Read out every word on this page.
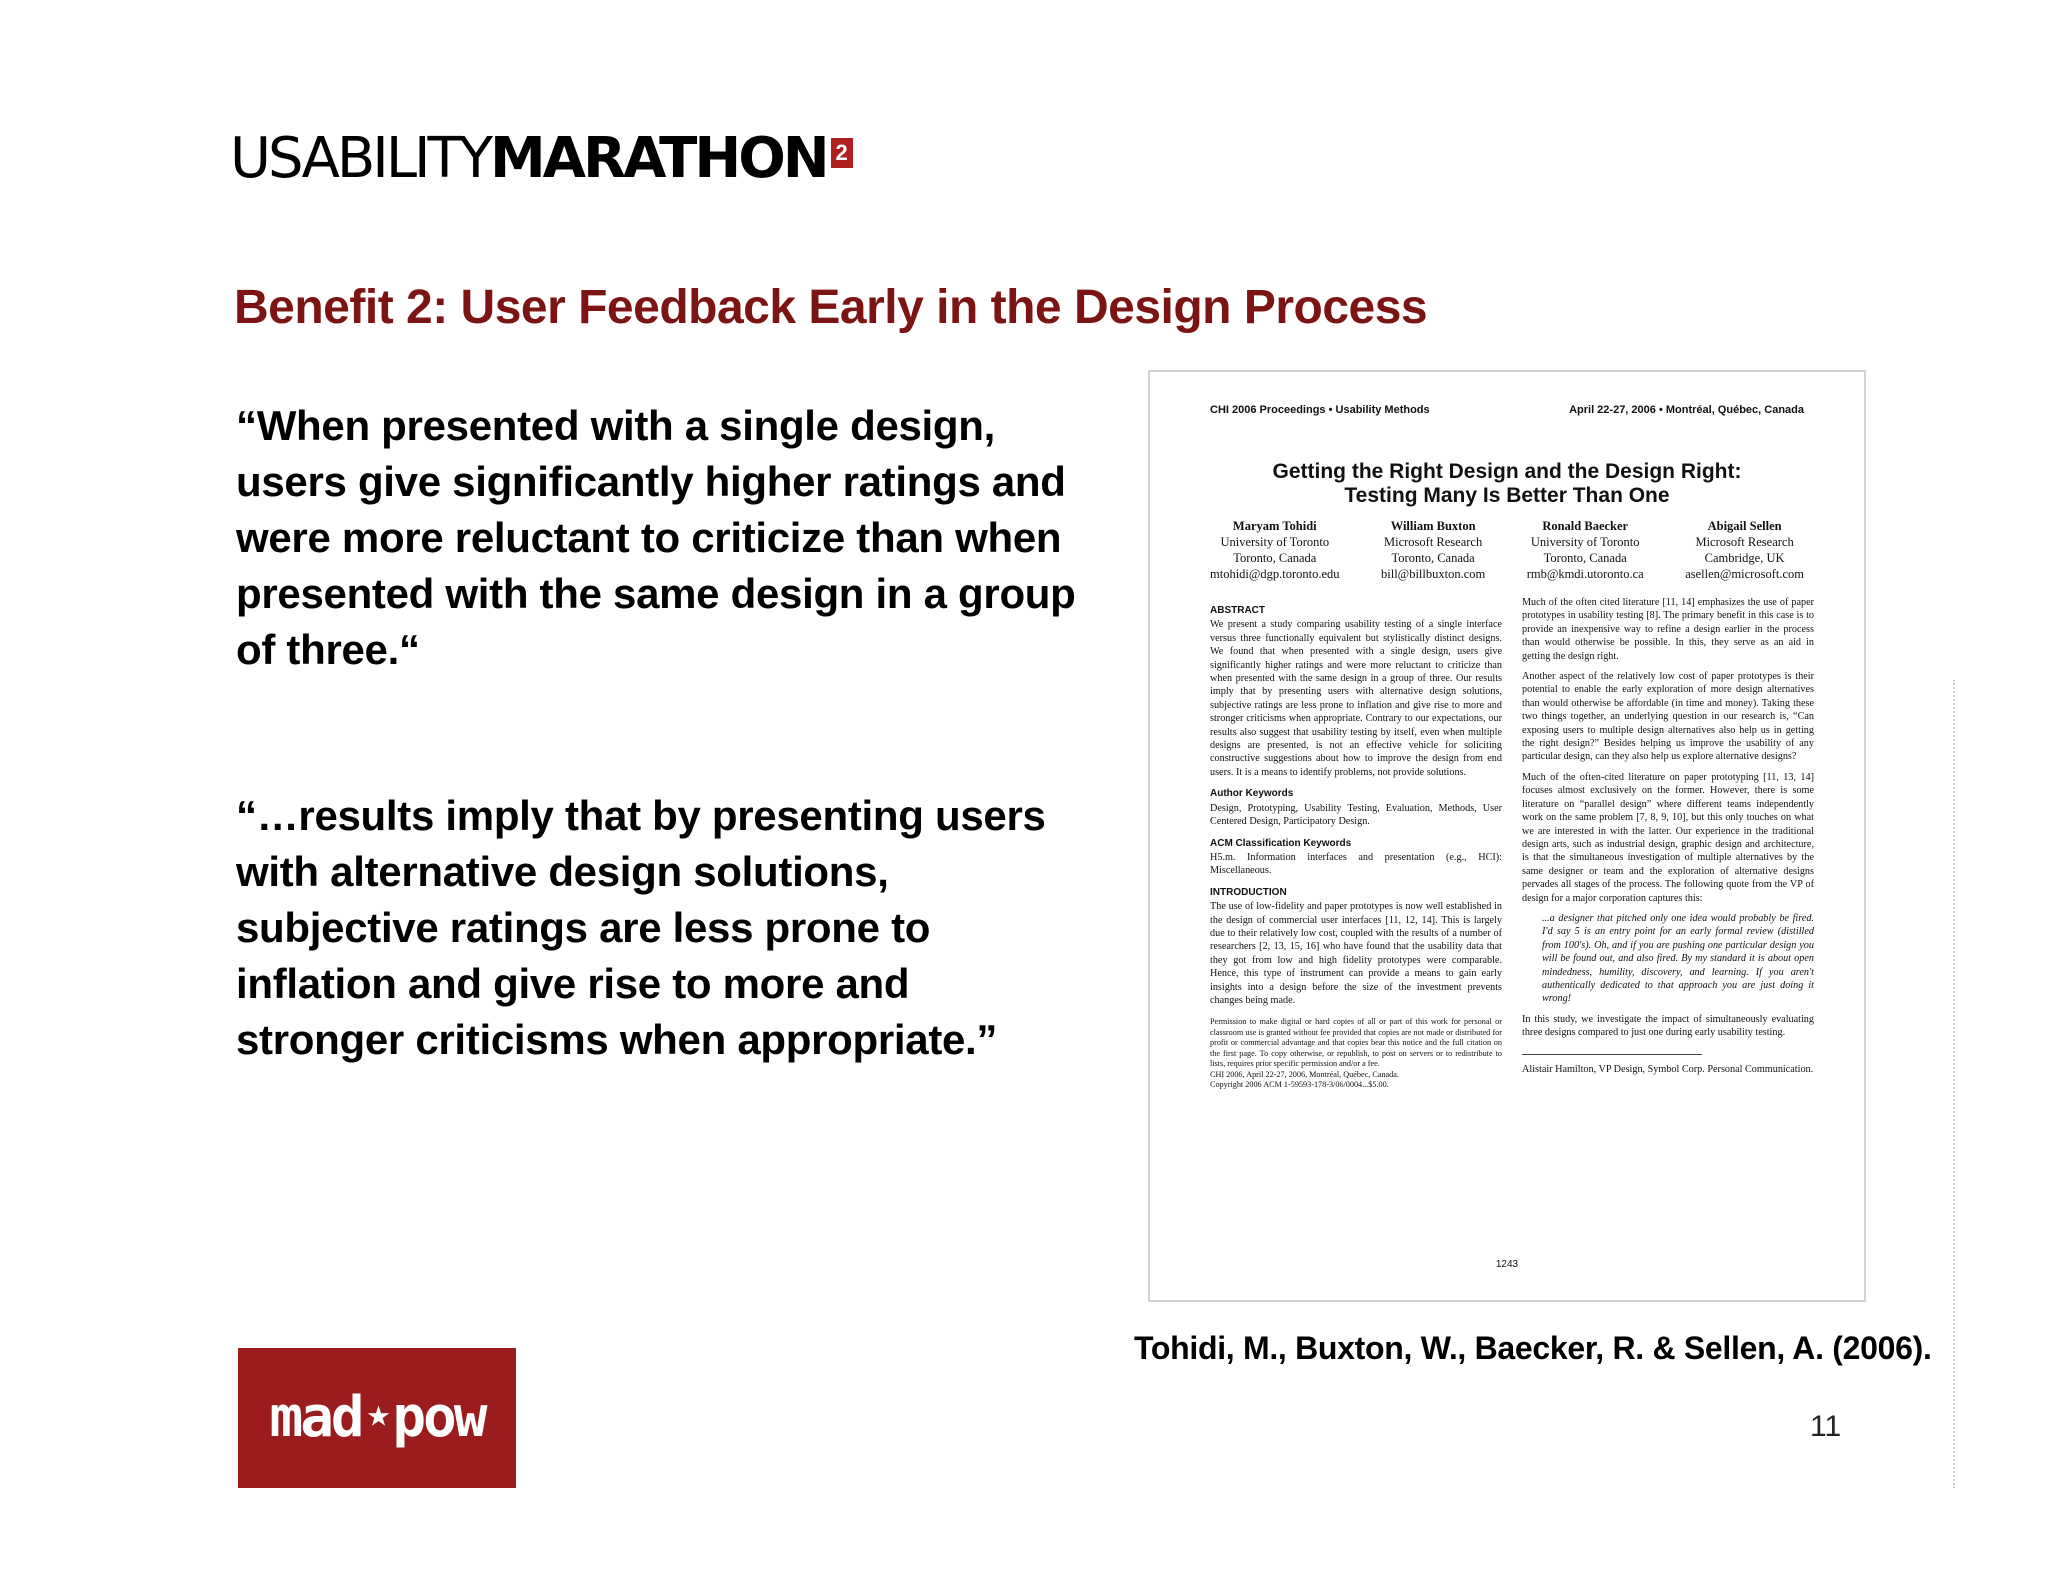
USABILITYMARATHON 2
Benefit 2: User Feedback Early in the Design Process
“When presented with a single design, users give significantly higher ratings and were more reluctant to criticize than when presented with the same design in a group of three.“
“…results imply that by presenting users with alternative design solutions, subjective ratings are less prone to inflation and give rise to more and stronger criticisms when appropriate.”
CHI 2006 Proceedings • Usability Methods	April 22-27, 2006 • Montréal, Québec, Canada
Getting the Right Design and the Design Right:
Testing Many Is Better Than One
Maryam Tohidi
University of Toronto
Toronto, Canada
mtohidi@dgp.toronto.edu
William Buxton
Microsoft Research
Toronto, Canada
bill@billbuxton.com
Ronald Baecker
University of Toronto
Toronto, Canada
rmb@kmdi.utoronto.ca
Abigail Sellen
Microsoft Research
Cambridge, UK
asellen@microsoft.com
ABSTRACT

We present a study comparing usability testing of a single interface versus three functionally equivalent but stylistically distinct designs. We found that when presented with a single design, users give significantly higher ratings and were more reluctant to criticize than when presented with the same design in a group of three. Our results imply that by presenting users with alternative design solutions, subjective ratings are less prone to inflation and give rise to more and stronger criticisms when appropriate. Contrary to our expectations, our results also suggest that usability testing by itself, even when multiple designs are presented, is not an effective vehicle for soliciting constructive suggestions about how to improve the design from end users. It is a means to identify problems, not provide solutions.

Author Keywords

Design, Prototyping, Usability Testing, Evaluation, Methods, User Centered Design, Participatory Design.

ACM Classification Keywords

H5.m. Information interfaces and presentation (e.g., HCI): Miscellaneous.

INTRODUCTION

The use of low-fidelity and paper prototypes is now well established in the design of commercial user interfaces [11, 12, 14]. This is largely due to their relatively low cost, coupled with the results of a number of researchers [2, 13, 15, 16] who have found that the usability data that they got from low and high fidelity prototypes were comparable. Hence, this type of instrument can provide a means to gain early insights into a design before the size of the investment prevents changes being made.

Permission to make digital or hard copies of all or part of this work for personal or classroom use is granted without fee provided that copies are not made or distributed for profit or commercial advantage and that copies bear this notice and the full citation on the first page. To copy otherwise, or republish, to post on servers or to redistribute to lists, requires prior specific permission and/or a fee.
CHI 2006, April 22-27, 2006, Montréal, Québec, Canada.
Copyright 2006 ACM 1-59593-178-3/06/0004...$5.00.

Much of the often cited literature [11, 14] emphasizes the use of paper prototypes in usability testing [8]. The primary benefit in this case is to provide an inexpensive way to refine a design earlier in the process than would otherwise be possible. In this, they serve as an aid in getting the design right.

Another aspect of the relatively low cost of paper prototypes is their potential to enable the early exploration of more design alternatives than would otherwise be affordable (in time and money). Taking these two things together, an underlying question in our research is, “Can exposing users to multiple design alternatives also help us in getting the right design?” Besides helping us improve the usability of any particular design, can they also help us explore alternative designs?

Much of the often-cited literature on paper prototyping [11, 13, 14] focuses almost exclusively on the former. However, there is some literature on “parallel design” where different teams independently work on the same problem [7, 8, 9, 10], but this only touches on what we are interested in with the latter. Our experience in the traditional design arts, such as industrial design, graphic design and architecture, is that the simultaneous investigation of multiple alternatives by the same designer or team and the exploration of alternative designs pervades all stages of the process. The following quote from the VP of design for a major corporation captures this:

...a designer that pitched only one idea would probably be fired. I'd say 5 is an entry point for an early formal review (distilled from 100's). Oh, and if you are pushing one particular design you will be found out, and also fired. By my standard it is about open mindedness, humility, discovery, and learning. If you aren't authentically dedicated to that approach you are just doing it wrong!

In this study, we investigate the impact of simultaneously evaluating three designs compared to just one during early usability testing.

Alistair Hamilton, VP Design, Symbol Corp. Personal Communication.

1243
Tohidi, M., Buxton, W., Baecker, R. & Sellen, A. (2006).
11
mad⋆pow
